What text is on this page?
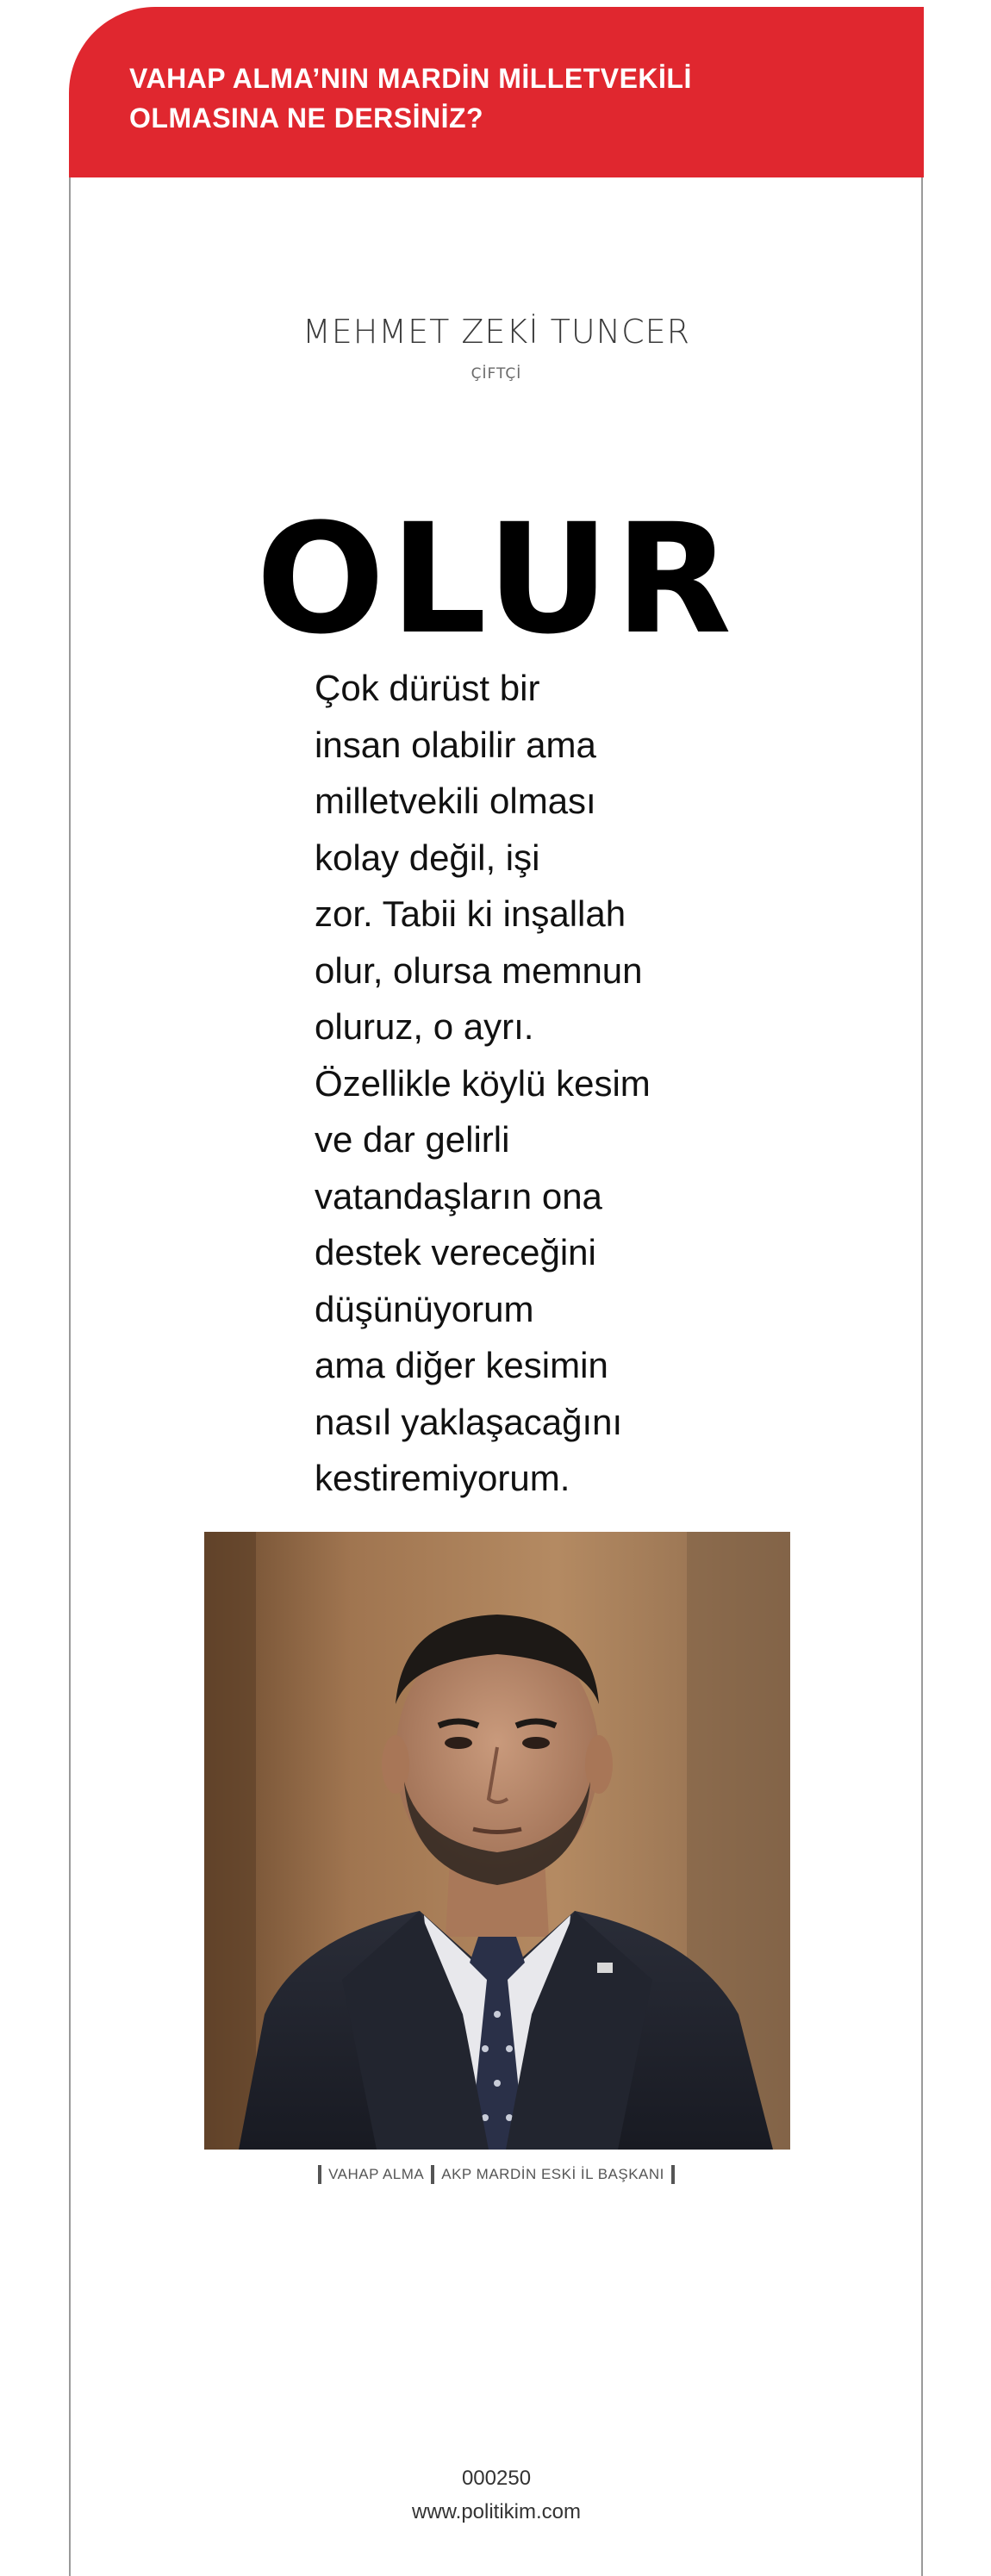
VAHAP ALMA’NIN MARDİN MİLLETVEKİLİ
OLMASINA NE DERSİNİZ?
MEHMET ZEKİ TUNCER
ÇİFTÇİ
OLUR
Çok dürüst bir
insan olabilir ama
milletvekili olması
kolay değil, işi
zor. Tabii ki inşallah
olur, olursa memnun
oluruz, o ayrı.
Özellikle köylü kesim
ve dar gelirli
vatandaşların ona
destek vereceğini
düşünüyorum
ama diğer kesimin
nasıl yaklaşacağını
kestiremiyorum.
VAHAP ALMA AKP MARDİN ESKİ İL BAŞKANI
000250
www.politikim.com
